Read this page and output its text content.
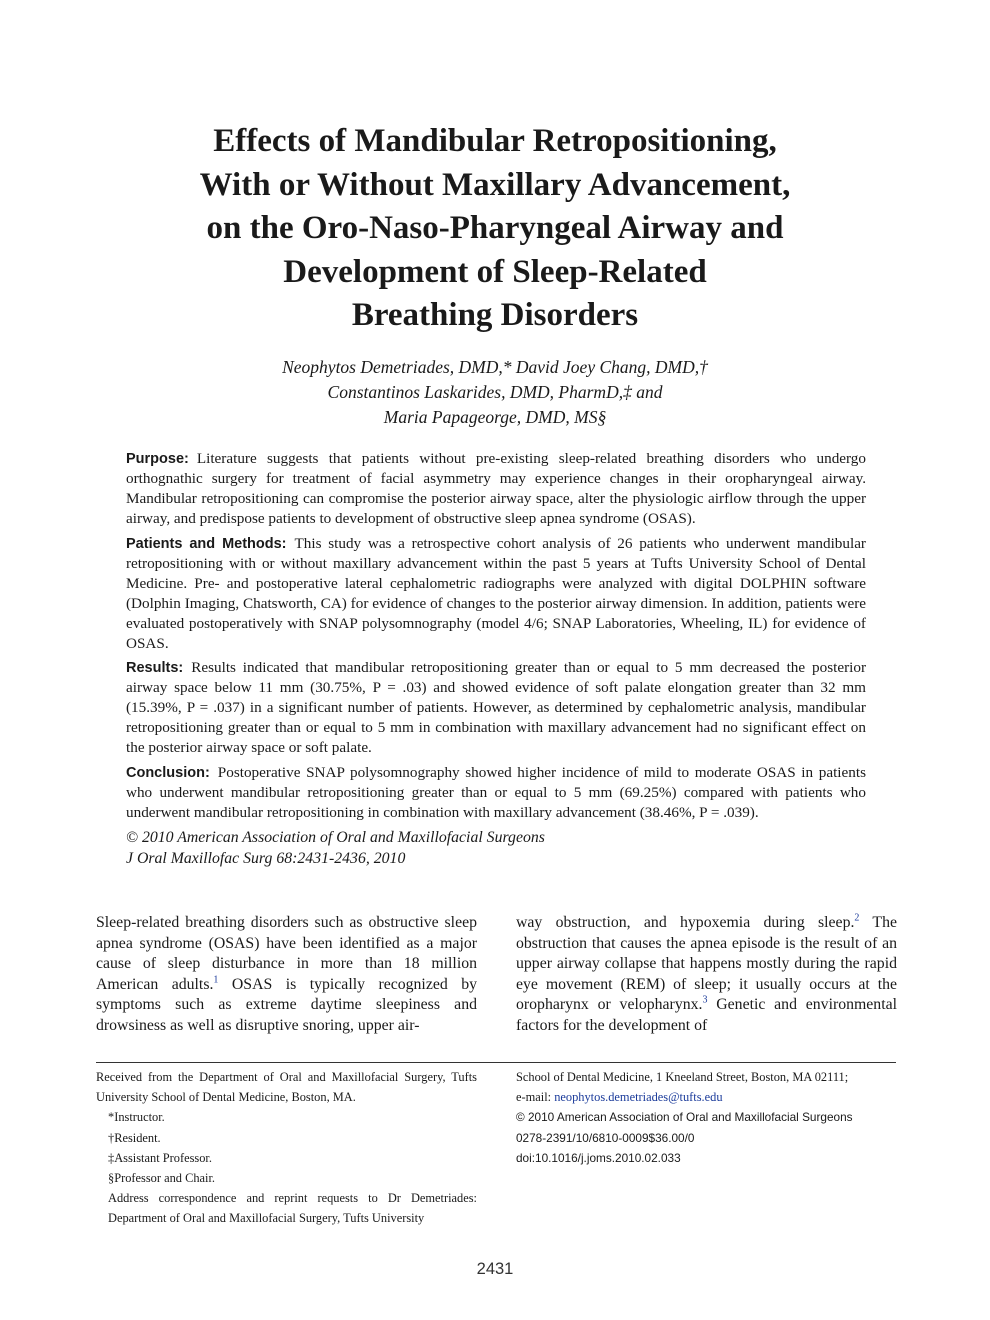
Effects of Mandibular Retropositioning,
With or Without Maxillary Advancement,
on the Oro-Naso-Pharyngeal Airway and
Development of Sleep-Related
Breathing Disorders
Neophytos Demetriades, DMD,* David Joey Chang, DMD,†
Constantinos Laskarides, DMD, PharmD,‡ and
Maria Papageorge, DMD, MS§

Purpose: Literature suggests that patients without pre-existing sleep-related breathing disorders who undergo orthognathic surgery for treatment of facial asymmetry may experience changes in their oropharyngeal airway. Mandibular retropositioning can compromise the posterior airway space, alter the physiologic airflow through the upper airway, and predispose patients to development of obstructive sleep apnea syndrome (OSAS).

Patients and Methods: This study was a retrospective cohort analysis of 26 patients who underwent mandibular retropositioning with or without maxillary advancement within the past 5 years at Tufts University School of Dental Medicine. Pre- and postoperative lateral cephalometric radiographs were analyzed with digital DOLPHIN software (Dolphin Imaging, Chatsworth, CA) for evidence of changes to the posterior airway dimension. In addition, patients were evaluated postoperatively with SNAP polysomnography (model 4/6; SNAP Laboratories, Wheeling, IL) for evidence of OSAS.

Results: Results indicated that mandibular retropositioning greater than or equal to 5 mm decreased the posterior airway space below 11 mm (30.75%, P = .03) and showed evidence of soft palate elongation greater than 32 mm (15.39%, P = .037) in a significant number of patients. However, as determined by cephalometric analysis, mandibular retropositioning greater than or equal to 5 mm in combination with maxillary advancement had no significant effect on the posterior airway space or soft palate.

Conclusion: Postoperative SNAP polysomnography showed higher incidence of mild to moderate OSAS in patients who underwent mandibular retropositioning greater than or equal to 5 mm (69.25%) compared with patients who underwent mandibular retropositioning in combination with maxillary advancement (38.46%, P = .039).

© 2010 American Association of Oral and Maxillofacial Surgeons

J Oral Maxillofac Surg 68:2431-2436, 2010

Sleep-related breathing disorders such as obstructive sleep apnea syndrome (OSAS) have been identified as a major cause of sleep disturbance in more than 18 million American adults.$^1$ OSAS is typically recognized by symptoms such as extreme daytime sleepiness and drowsiness as well as disruptive snoring, upper air-

way obstruction, and hypoxemia during sleep.$^2$ The obstruction that causes the apnea episode is the result of an upper airway collapse that happens mostly during the rapid eye movement (REM) of sleep; it usually occurs at the oropharynx or velopharynx.$^3$ Genetic and environmental factors for the development of

Received from the Department of Oral and Maxillofacial Surgery, Tufts University School of Dental Medicine, Boston, MA.

*Instructor.

†Resident.

‡Assistant Professor.

§Professor and Chair.

Address correspondence and reprint requests to Dr Demetriades: Department of Oral and Maxillofacial Surgery, Tufts University

School of Dental Medicine, 1 Kneeland Street, Boston, MA 02111;

e-mail: neophytos.demetriades@tufts.edu

© 2010 American Association of Oral and Maxillofacial Surgeons

0278-2391/10/6810-0009$36.00/0

doi:10.1016/j.joms.2010.02.033

2431
